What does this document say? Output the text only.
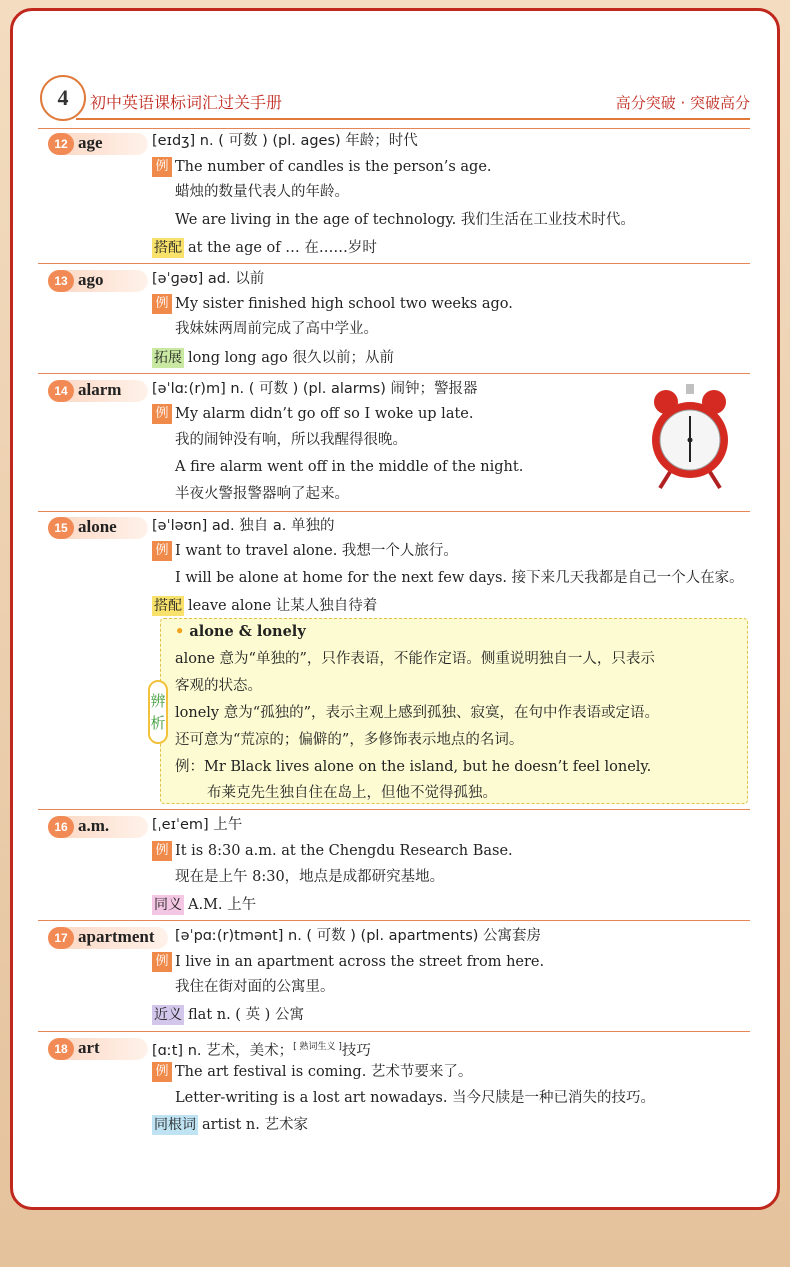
4	初中英语课标词汇过关手册	高分突破 · 突破高分
12 age	[eɪdʒ] n. ( 可数 ) (pl. ages) 年龄；时代
例 The number of candles is the person’s age.
蜡烛的数量代表人的年龄。
We are living in the age of technology. 我们生活在工业技术时代。
搭配 at the age of … 在……岁时
13 ago	[əˈɡəʊ] ad. 以前
例 My sister finished high school two weeks ago.
我妹妹两周前完成了高中学业。
拓展 long long ago 很久以前；从前
14 alarm [əˈlɑː(r)m] n. ( 可数 ) (pl. alarms) 闹钟；警报器
例 My alarm didn’t go off so I woke up late.
我的闹钟没有响，所以我醒得很晚。
A fire alarm went off in the middle of the night.
半夜火警报警器响了起来。
15 alone [əˈləʊn] ad. 独自 a. 单独的
例 I want to travel alone. 我想一个人旅行。
I will be alone at home for the next few days. 接下来几天我都是自己一个人在家。
搭配 leave alone 让某人独自待着
辨析
• alone & lonely
alone 意为“单独的”，只作表语，不能作定语。侧重说明独自一人，只表示
客观的状态。
lonely 意为“孤独的”，表示主观上感到孤独、寂寞，在句中作表语或定语。
还可意为“荒凉的；偏僻的”，多修饰表示地点的名词。
例：Mr Black lives alone on the island, but he doesn’t feel lonely.
布莱克先生独自住在岛上，但他不觉得孤独。
16 a.m.	[ˌeɪˈem] 上午
例 It is 8:30 a.m. at the Chengdu Research Base.
现在是上午 8:30，地点是成都研究基地。
同义 A.M. 上午
17 apartment [əˈpɑː(r)tmənt] n. ( 可数 ) (pl. apartments) 公寓套房
例 I live in an apartment across the street from here.
我住在街对面的公寓里。
近义 flat n. ( 英 ) 公寓
18 art	[ɑːt] n. 艺术，美术；[ 熟词生义 ]技巧
例 The art festival is coming. 艺术节要来了。
Letter-writing is a lost art nowadays. 当今尺牍是一种已消失的技巧。
同根词 artist n. 艺术家
